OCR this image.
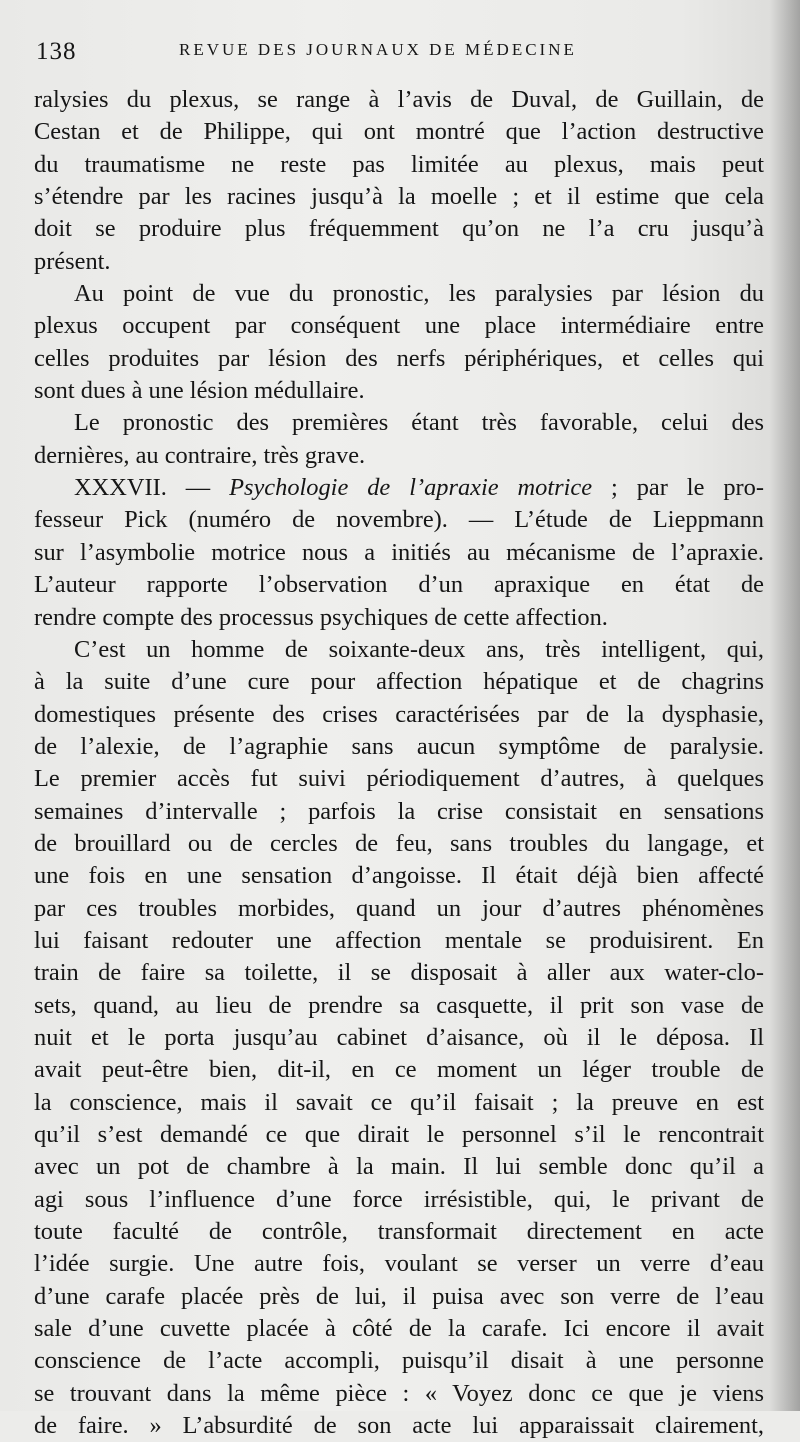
138	REVUE DES JOURNAUX DE MÉDECINE
ralysies du plexus, se range à l’avis de Duval, de Guillain, de
Cestan et de Philippe, qui ont montré que l’action destructive
du traumatisme ne reste pas limitée au plexus, mais peut
s’étendre par les racines jusqu’à la moelle ; et il estime que cela
doit se produire plus fréquemment qu’on ne l’a cru jusqu’à
présent.
Au point de vue du pronostic, les paralysies par lésion du
plexus occupent par conséquent une place intermédiaire entre
celles produites par lésion des nerfs périphériques, et celles qui
sont dues à une lésion médullaire.
Le pronostic des premières étant très favorable, celui des
dernières, au contraire, très grave.
XXXVII. — Psychologie de l’apraxie motrice ; par le pro-
fesseur Pick (numéro de novembre). — L’étude de Lieppmann
sur l’asymbolie motrice nous a initiés au mécanisme de l’apraxie.
L’auteur rapporte l’observation d’un apraxique en état de
rendre compte des processus psychiques de cette affection.
C’est un homme de soixante-deux ans, très intelligent, qui,
à la suite d’une cure pour affection hépatique et de chagrins
domestiques présente des crises caractérisées par de la dysphasie,
de l’alexie, de l’agraphie sans aucun symptôme de paralysie.
Le premier accès fut suivi périodiquement d’autres, à quelques
semaines d’intervalle ; parfois la crise consistait en sensations
de brouillard ou de cercles de feu, sans troubles du langage, et
une fois en une sensation d’angoisse. Il était déjà bien affecté
par ces troubles morbides, quand un jour d’autres phénomènes
lui faisant redouter une affection mentale se produisirent. En
train de faire sa toilette, il se disposait à aller aux water-clo-
sets, quand, au lieu de prendre sa casquette, il prit son vase de
nuit et le porta jusqu’au cabinet d’aisance, où il le déposa. Il
avait peut-être bien, dit-il, en ce moment un léger trouble de
la conscience, mais il savait ce qu’il faisait ; la preuve en est
qu’il s’est demandé ce que dirait le personnel s’il le rencontrait
avec un pot de chambre à la main. Il lui semble donc qu’il a
agi sous l’influence d’une force irrésistible, qui, le privant de
toute faculté de contrôle, transformait directement en acte
l’idée surgie. Une autre fois, voulant se verser un verre d’eau
d’une carafe placée près de lui, il puisa avec son verre de l’eau
sale d’une cuvette placée à côté de la carafe. Ici encore il avait
conscience de l’acte accompli, puisqu’il disait à une personne
se trouvant dans la même pièce : « Voyez donc ce que je viens
de faire. » L’absurdité de son acte lui apparaissait clairement,
